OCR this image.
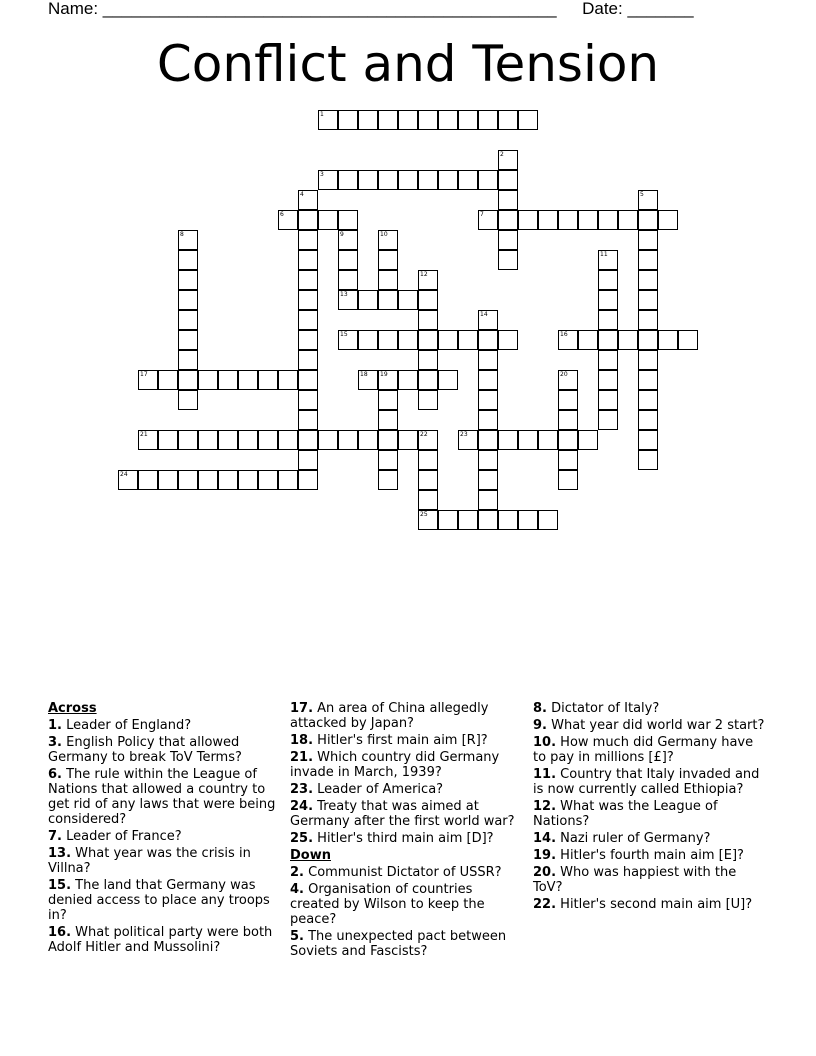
Name: ________________________________________________ Date: _______
Conflict and Tension
1
2
3
4	5
6	7
8	9
13
10
11
12
14
15	16
17	18 19	20
21	22
25
23
24
Across
1. Leader of England?
3. English Policy that allowed Germany to break ToV Terms?
6. The rule within the League of Nations that allowed a country to get rid of any laws that were being considered?
7. Leader of France?
13. What year was the crisis in Villna?
15. The land that Germany was denied access to place any troops in?
16. What political party were both Adolf Hitler and Mussolini?
17. An area of China allegedly attacked by Japan?
18. Hitler's first main aim [R]?
21. Which country did Germany invade in March, 1939?
23. Leader of America?
24. Treaty that was aimed at Germany after the first world war?
25. Hitler's third main aim [D]?
Down
2. Communist Dictator of USSR?
4. Organisation of countries created by Wilson to keep the peace?
5. The unexpected pact between Soviets and Fascists?
8. Dictator of Italy?
9. What year did world war 2 start?
10. How much did Germany have to pay in millions [£]?
11. Country that Italy invaded and is now currently called Ethiopia?
12. What was the League of Nations?
14. Nazi ruler of Germany?
19. Hitler's fourth main aim [E]?
20. Who was happiest with the ToV?
22. Hitler's second main aim [U]?
